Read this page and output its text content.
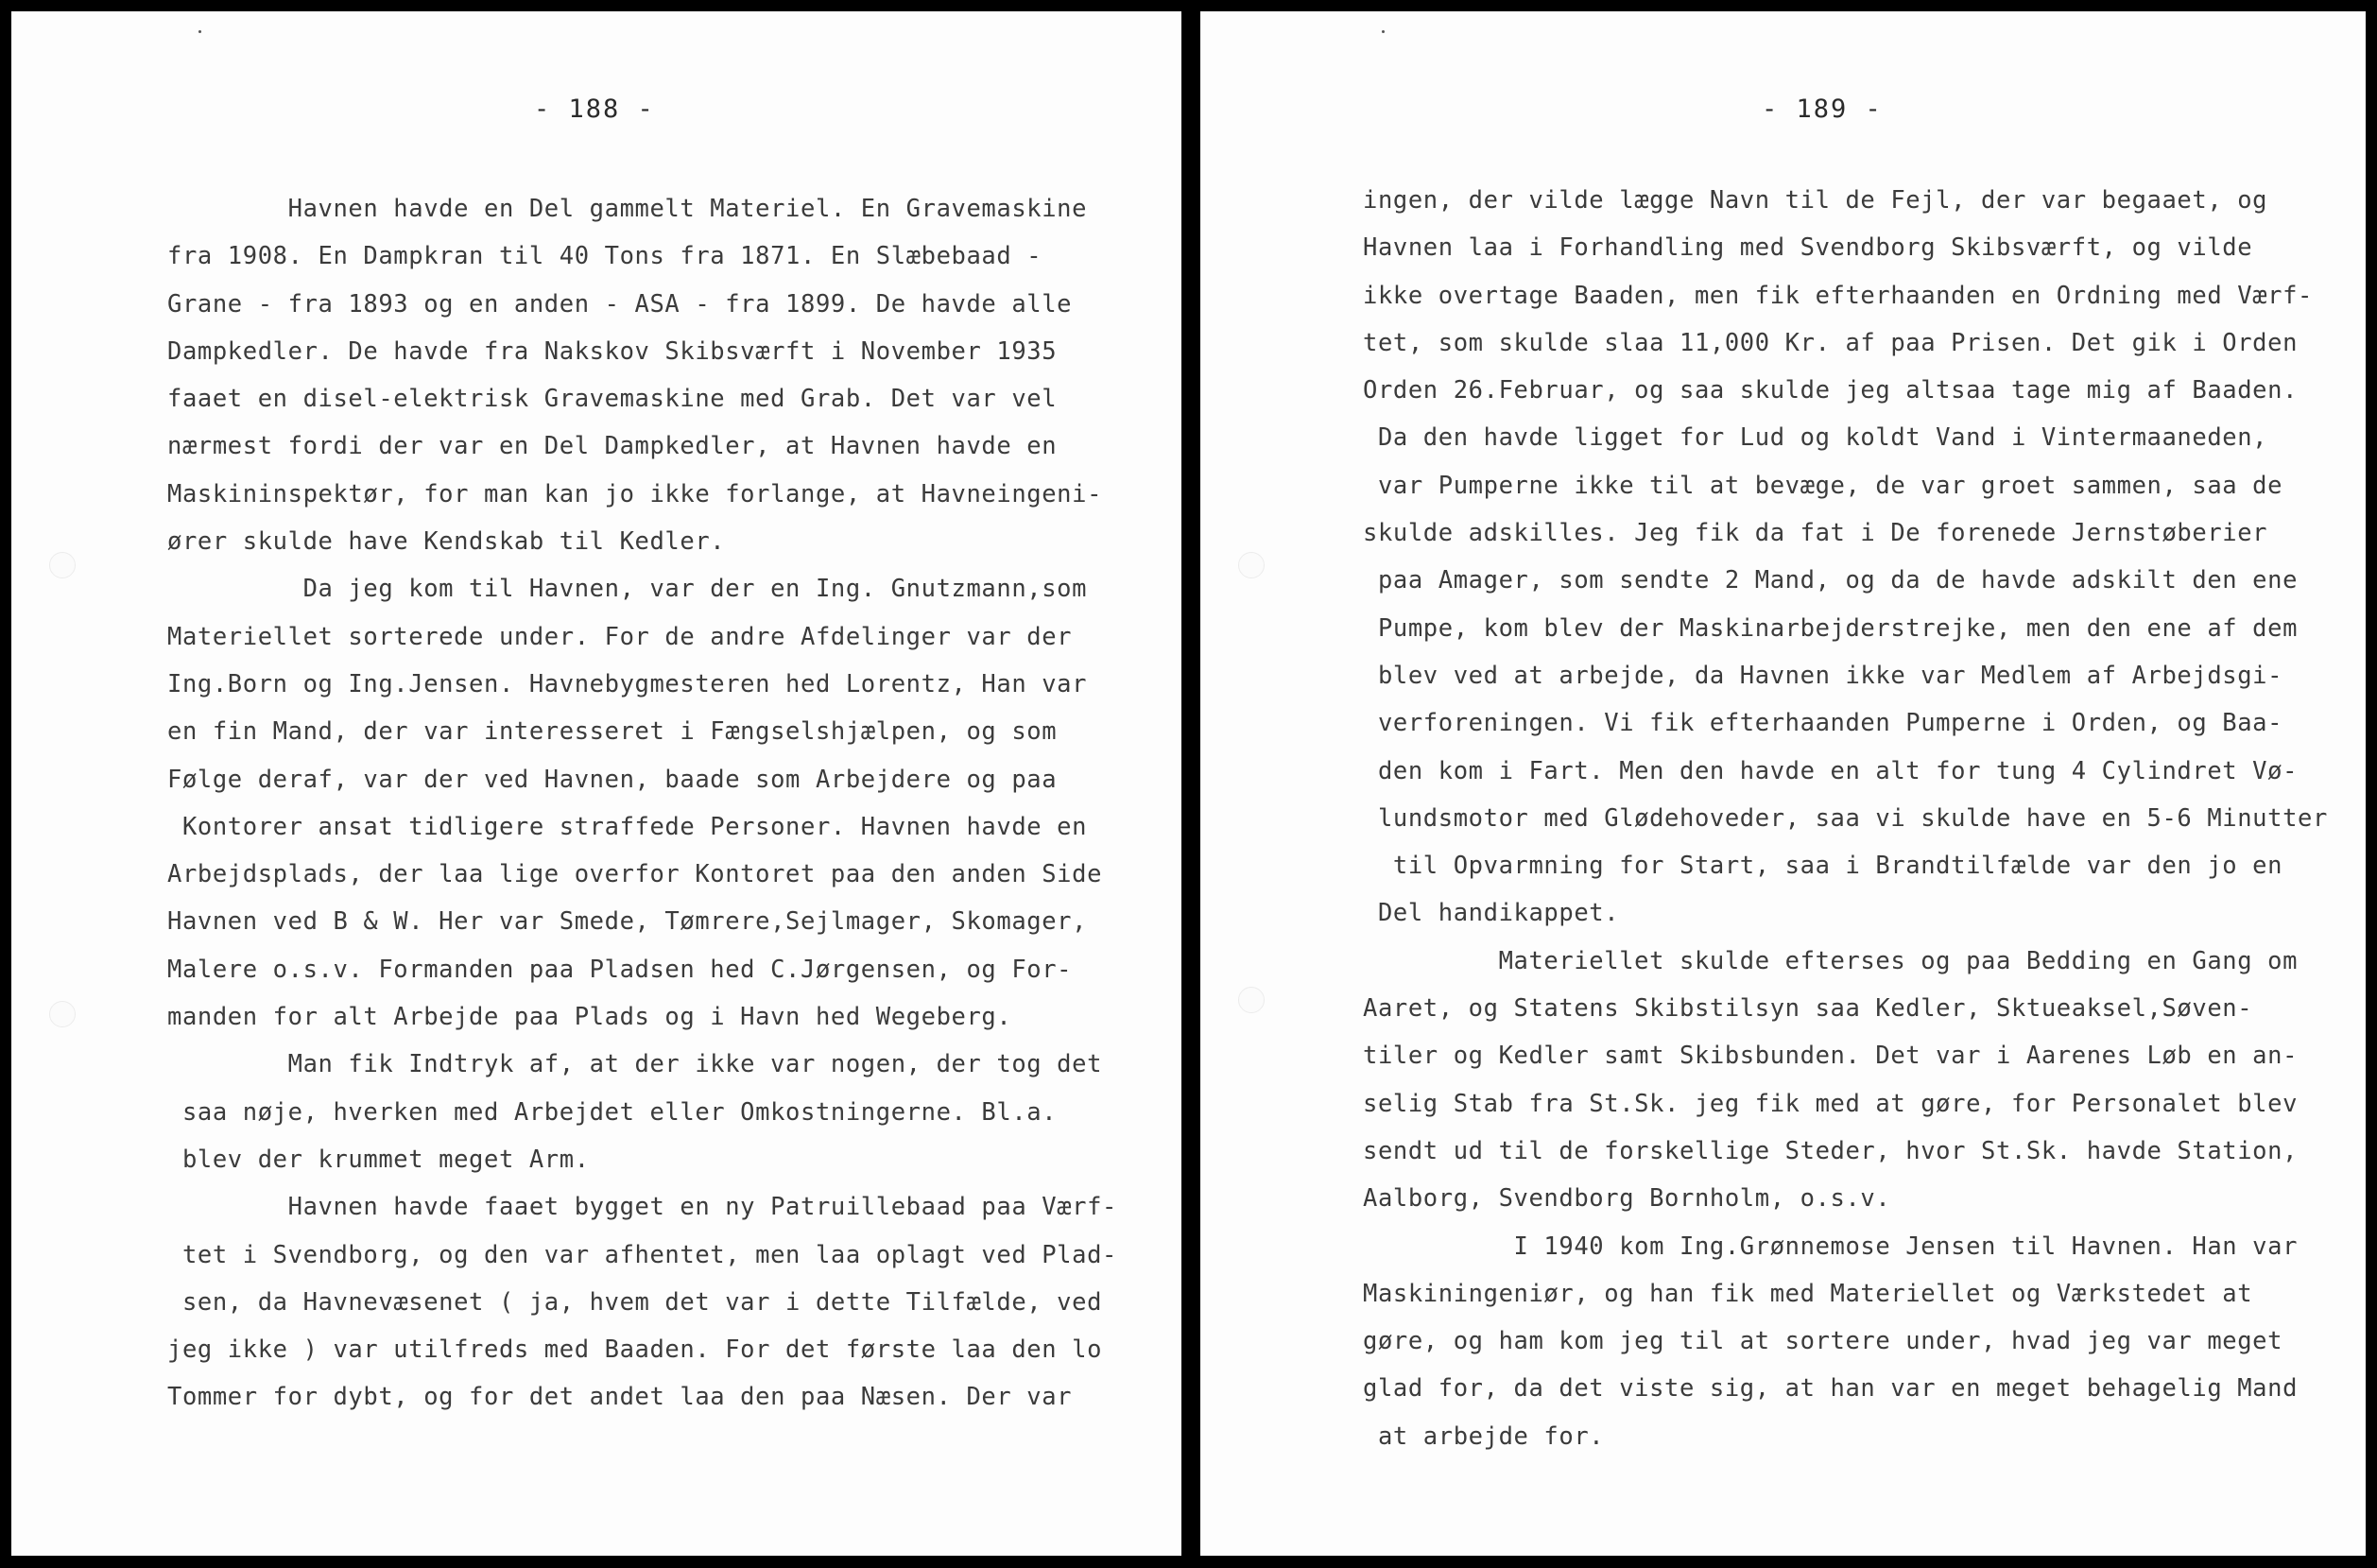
- 188 -
Havnen havde en Del gammelt Materiel. En Gravemaskine
fra 1908. En Dampkran til 40 Tons fra 1871. En Slæbebaad -
Grane - fra 1893 og en anden - ASA - fra 1899. De havde alle
Dampkedler. De havde fra Nakskov Skibsværft i November 1935
faaet en disel-elektrisk Gravemaskine med Grab. Det var vel
nærmest fordi der var en Del Dampkedler, at Havnen havde en
Maskininspektør, for man kan jo ikke forlange, at Havneingeni-
ører skulde have Kendskab til Kedler.
Da jeg kom til Havnen, var der en Ing. Gnutzmann,som
Materiellet sorterede under. For de andre Afdelinger var der
Ing.Born og Ing.Jensen. Havnebygmesteren hed Lorentz, Han var
en fin Mand, der var interesseret i Fængselshjælpen, og som
Følge deraf, var der ved Havnen, baade som Arbejdere og paa
Kontorer ansat tidligere straffede Personer. Havnen havde en
Arbejdsplads, der laa lige overfor Kontoret paa den anden Side
Havnen ved B & W. Her var Smede, Tømrere,Sejlmager, Skomager,
Malere o.s.v. Formanden paa Pladsen hed C.Jørgensen, og For-
manden for alt Arbejde paa Plads og i Havn hed Wegeberg.
Man fik Indtryk af, at der ikke var nogen, der tog det
saa nøje, hverken med Arbejdet eller Omkostningerne. Bl.a.
blev der krummet meget Arm.
Havnen havde faaet bygget en ny Patruillebaad paa Værf-
tet i Svendborg, og den var afhentet, men laa oplagt ved Plad-
sen, da Havnevæsenet ( ja, hvem det var i dette Tilfælde, ved
jeg ikke ) var utilfreds med Baaden. For det første laa den lo
Tommer for dybt, og for det andet laa den paa Næsen. Der var
- 189 -
ingen, der vilde lægge Navn til de Fejl, der var begaaet, og
Havnen laa i Forhandling med Svendborg Skibsværft, og vilde
ikke overtage Baaden, men fik efterhaanden en Ordning med Værf-
tet, som skulde slaa 11,000 Kr. af paa Prisen. Det gik i Orden
Orden 26.Februar, og saa skulde jeg altsaa tage mig af Baaden.
Da den havde ligget for Lud og koldt Vand i Vintermaaneden,
var Pumperne ikke til at bevæge, de var groet sammen, saa de
skulde adskilles. Jeg fik da fat i De forenede Jernstøberier
paa Amager, som sendte 2 Mand, og da de havde adskilt den ene
Pumpe, kom blev der Maskinarbejderstrejke, men den ene af dem
blev ved at arbejde, da Havnen ikke var Medlem af Arbejdsgi-
verforeningen. Vi fik efterhaanden Pumperne i Orden, og Baa-
den kom i Fart. Men den havde en alt for tung 4 Cylindret Vø-
lundsmotor med Glødehoveder, saa vi skulde have en 5-6 Minutter
til Opvarmning for Start, saa i Brandtilfælde var den jo en
Del handikappet.
Materiellet skulde efterses og paa Bedding en Gang om
Aaret, og Statens Skibstilsyn saa Kedler, Sktueaksel,Søven-
tiler og Kedler samt Skibsbunden. Det var i Aarenes Løb en an-
selig Stab fra St.Sk. jeg fik med at gøre, for Personalet blev
sendt ud til de forskellige Steder, hvor St.Sk. havde Station,
Aalborg, Svendborg Bornholm, o.s.v.
I 1940 kom Ing.Grønnemose Jensen til Havnen. Han var
Maskiningeniør, og han fik med Materiellet og Værkstedet at
gøre, og ham kom jeg til at sortere under, hvad jeg var meget
glad for, da det viste sig, at han var en meget behagelig Mand
at arbejde for.
